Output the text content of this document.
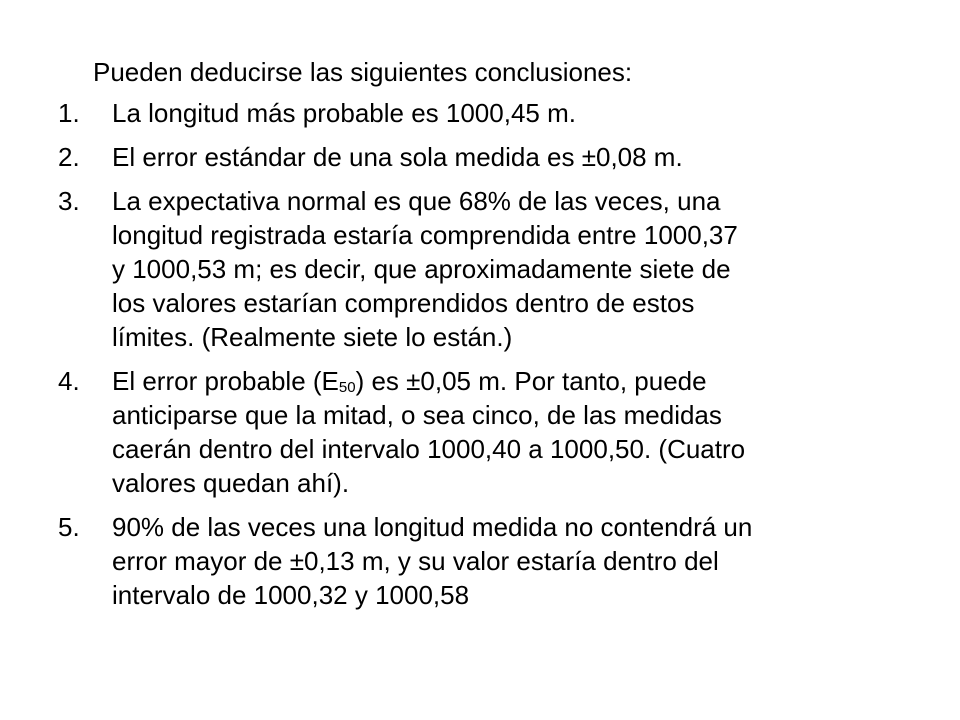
Pueden deducirse las siguientes conclusiones:
1.	La longitud más probable es 1000,45 m.
2.	El error estándar de una sola medida es ±0,08 m.
3.	La expectativa normal es que 68% de las veces, una
longitud registrada estaría comprendida entre 1000,37
y 1000,53 m; es decir, que aproximadamente siete de
los valores estarían comprendidos dentro de estos
límites. (Realmente siete lo están.)
4.	El error probable $(E_{50})$ es ±0,05 m. Por tanto, puede
anticiparse que la mitad, o sea cinco, de las medidas
caerán dentro del intervalo 1000,40 a 1000,50. (Cuatro
valores quedan ahí).
5.	90% de las veces una longitud medida no contendrá un
error mayor de ±0,13 m, y su valor estaría dentro del
intervalo de 1000,32 y 1000,58
